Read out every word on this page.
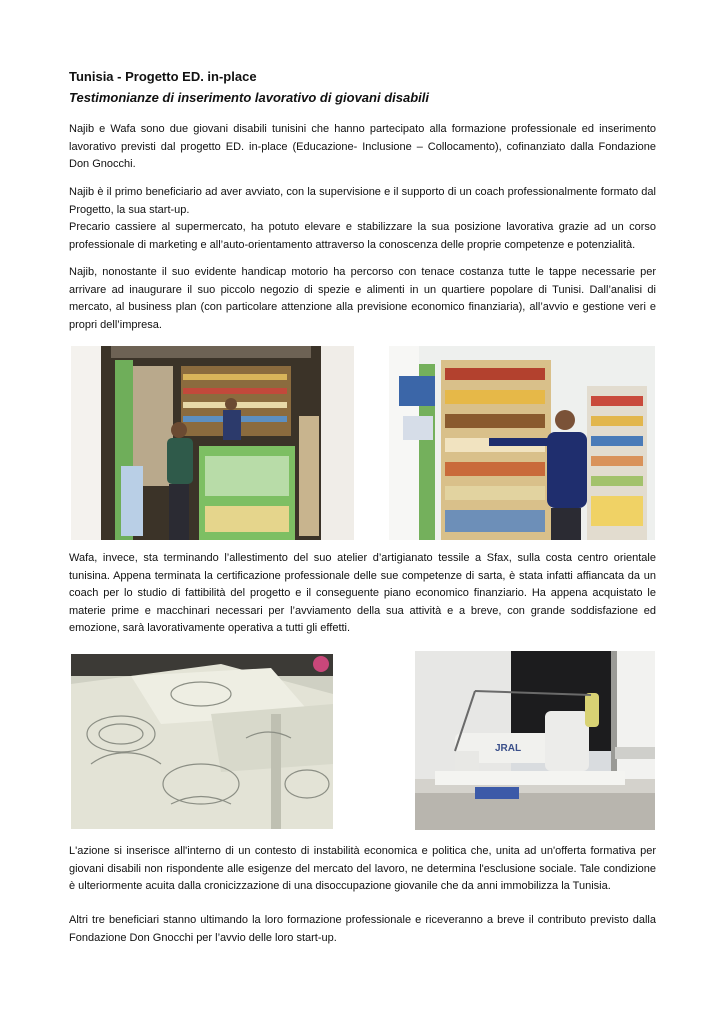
Tunisia - Progetto ED. in-place
Testimonianze di inserimento lavorativo di giovani disabili

Najib e Wafa sono due giovani disabili tunisini che hanno partecipato alla formazione professionale ed inserimento lavorativo previsti dal progetto ED. in-place (Educazione- Inclusione – Collocamento), cofinanziato dalla Fondazione Don Gnocchi.

Najib è il primo beneficiario ad aver avviato, con la supervisione e il supporto di un coach professionalmente formato dal Progetto, la sua start-up.

Precario cassiere al supermercato, ha potuto elevare e stabilizzare la sua posizione lavorativa grazie ad un corso professionale di marketing e all’auto-orientamento attraverso la conoscenza delle proprie competenze e potenzialità.

Najib, nonostante il suo evidente handicap motorio ha percorso con tenace costanza tutte le tappe necessarie per arrivare ad inaugurare il suo piccolo negozio di spezie e alimenti in un quartiere popolare di Tunisi. Dall’analisi di mercato, al business plan (con particolare attenzione alla previsione economico finanziaria), all’avvio e gestione veri e propri dell’impresa.

Wafa, invece, sta terminando l’allestimento del suo atelier d’artigianato tessile a Sfax, sulla costa centro orientale tunisina. Appena terminata la certificazione professionale delle sue competenze di sarta, è stata infatti affiancata da un coach per lo studio di fattibilità del progetto e il conseguente piano economico finanziario. Ha appena acquistato le materie prime e macchinari necessari per l’avviamento della sua attività e a breve, con grande soddisfazione ed emozione, sarà lavorativamente operativa a tutti gli effetti.

JRAL

L'azione si inserisce all'interno di un contesto di instabilità economica e politica che, unita ad un'offerta formativa per giovani disabili non rispondente alle esigenze del mercato del lavoro, ne determina l'esclusione sociale. Tale condizione è ulteriormente acuita dalla cronicizzazione di una disoccupazione giovanile che da anni immobilizza la Tunisia.

Altri tre beneficiari stanno ultimando la loro formazione professionale e riceveranno a breve il contributo previsto dalla Fondazione Don Gnocchi per l’avvio delle loro start-up.
